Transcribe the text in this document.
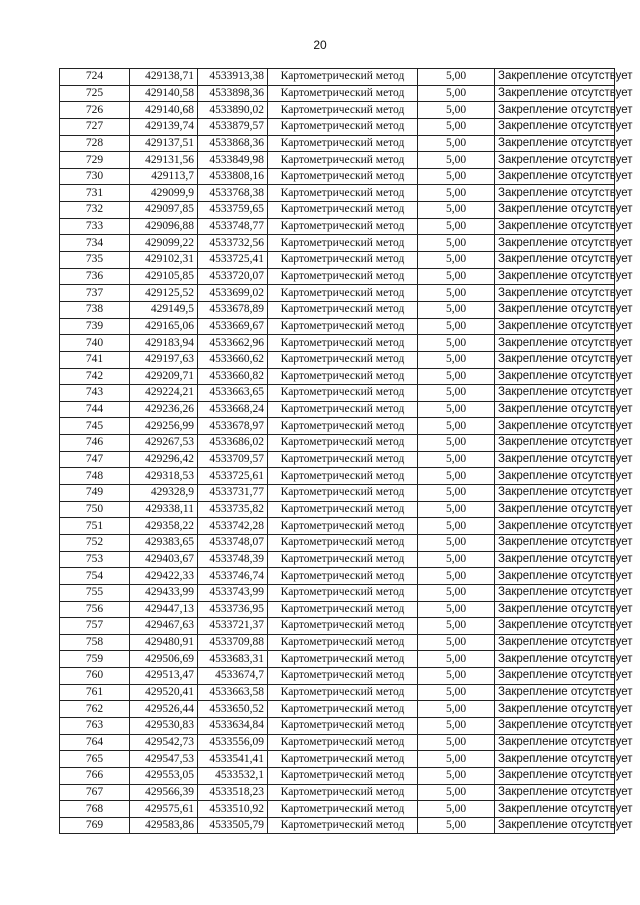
20
724	429138,71	4533913,38	Картометрический метод	5,00	Закрепление отсутствует
725	429140,58	4533898,36	Картометрический метод	5,00	Закрепление отсутствует
726	429140,68	4533890,02	Картометрический метод	5,00	Закрепление отсутствует
727	429139,74	4533879,57	Картометрический метод	5,00	Закрепление отсутствует
728	429137,51	4533868,36	Картометрический метод	5,00	Закрепление отсутствует
729	429131,56	4533849,98	Картометрический метод	5,00	Закрепление отсутствует
730	429113,7	4533808,16	Картометрический метод	5,00	Закрепление отсутствует
731	429099,9	4533768,38	Картометрический метод	5,00	Закрепление отсутствует
732	429097,85	4533759,65	Картометрический метод	5,00	Закрепление отсутствует
733	429096,88	4533748,77	Картометрический метод	5,00	Закрепление отсутствует
734	429099,22	4533732,56	Картометрический метод	5,00	Закрепление отсутствует
735	429102,31	4533725,41	Картометрический метод	5,00	Закрепление отсутствует
736	429105,85	4533720,07	Картометрический метод	5,00	Закрепление отсутствует
737	429125,52	4533699,02	Картометрический метод	5,00	Закрепление отсутствует
738	429149,5	4533678,89	Картометрический метод	5,00	Закрепление отсутствует
739	429165,06	4533669,67	Картометрический метод	5,00	Закрепление отсутствует
740	429183,94	4533662,96	Картометрический метод	5,00	Закрепление отсутствует
741	429197,63	4533660,62	Картометрический метод	5,00	Закрепление отсутствует
742	429209,71	4533660,82	Картометрический метод	5,00	Закрепление отсутствует
743	429224,21	4533663,65	Картометрический метод	5,00	Закрепление отсутствует
744	429236,26	4533668,24	Картометрический метод	5,00	Закрепление отсутствует
745	429256,99	4533678,97	Картометрический метод	5,00	Закрепление отсутствует
746	429267,53	4533686,02	Картометрический метод	5,00	Закрепление отсутствует
747	429296,42	4533709,57	Картометрический метод	5,00	Закрепление отсутствует
748	429318,53	4533725,61	Картометрический метод	5,00	Закрепление отсутствует
749	429328,9	4533731,77	Картометрический метод	5,00	Закрепление отсутствует
750	429338,11	4533735,82	Картометрический метод	5,00	Закрепление отсутствует
751	429358,22	4533742,28	Картометрический метод	5,00	Закрепление отсутствует
752	429383,65	4533748,07	Картометрический метод	5,00	Закрепление отсутствует
753	429403,67	4533748,39	Картометрический метод	5,00	Закрепление отсутствует
754	429422,33	4533746,74	Картометрический метод	5,00	Закрепление отсутствует
755	429433,99	4533743,99	Картометрический метод	5,00	Закрепление отсутствует
756	429447,13	4533736,95	Картометрический метод	5,00	Закрепление отсутствует
757	429467,63	4533721,37	Картометрический метод	5,00	Закрепление отсутствует
758	429480,91	4533709,88	Картометрический метод	5,00	Закрепление отсутствует
759	429506,69	4533683,31	Картометрический метод	5,00	Закрепление отсутствует
760	429513,47	4533674,7	Картометрический метод	5,00	Закрепление отсутствует
761	429520,41	4533663,58	Картометрический метод	5,00	Закрепление отсутствует
762	429526,44	4533650,52	Картометрический метод	5,00	Закрепление отсутствует
763	429530,83	4533634,84	Картометрический метод	5,00	Закрепление отсутствует
764	429542,73	4533556,09	Картометрический метод	5,00	Закрепление отсутствует
765	429547,53	4533541,41	Картометрический метод	5,00	Закрепление отсутствует
766	429553,05	4533532,1	Картометрический метод	5,00	Закрепление отсутствует
767	429566,39	4533518,23	Картометрический метод	5,00	Закрепление отсутствует
768	429575,61	4533510,92	Картометрический метод	5,00	Закрепление отсутствует
769	429583,86	4533505,79	Картометрический метод	5,00	Закрепление отсутствует
